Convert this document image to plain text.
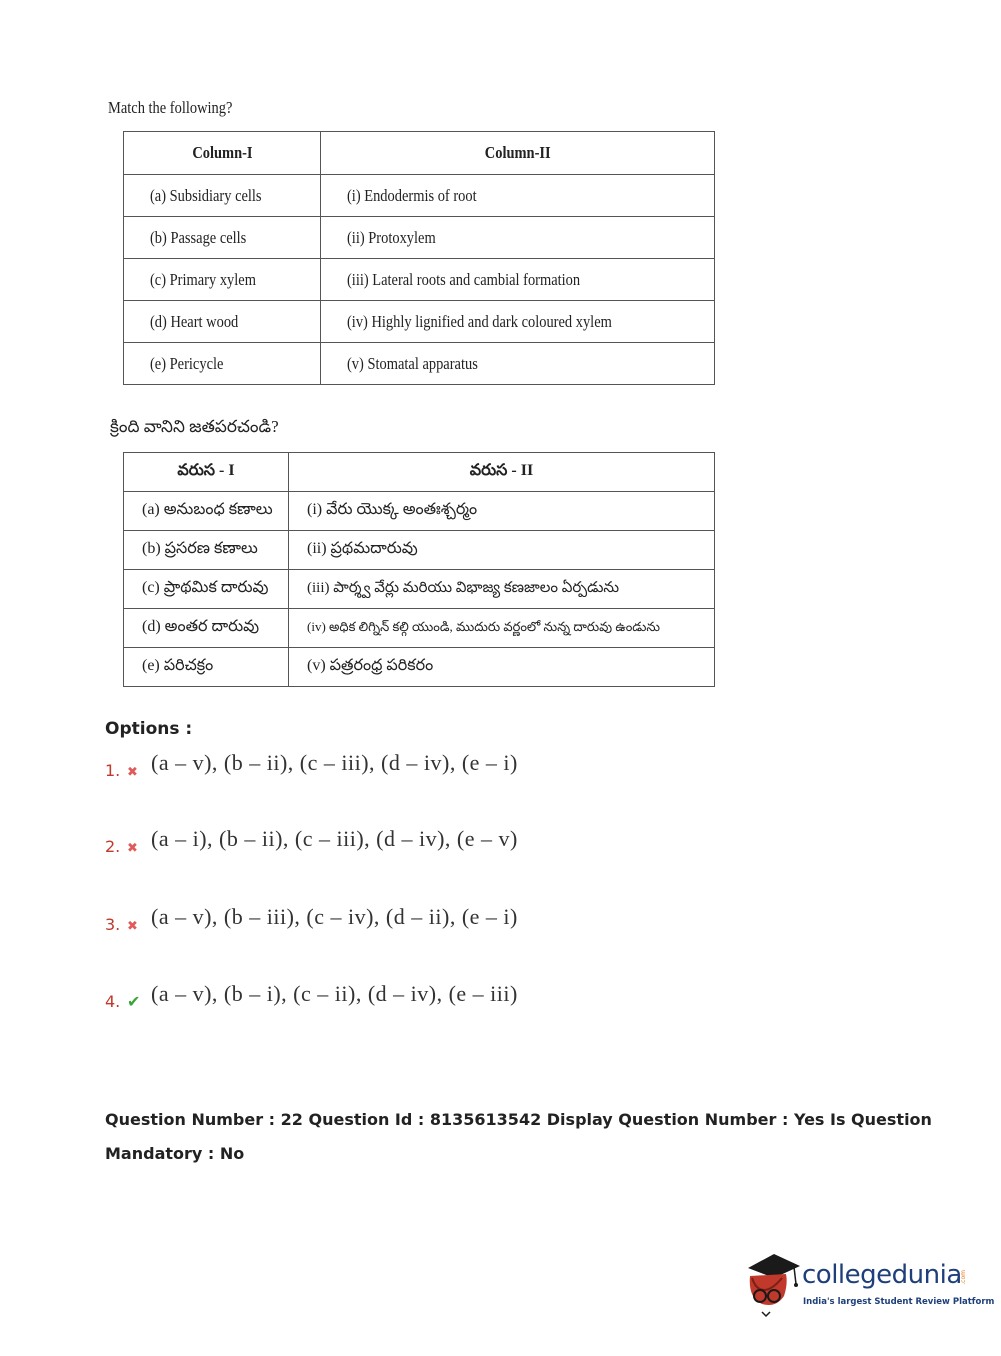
Match the following?
Column-I	Column-II
(a) Subsidiary cells	(i) Endodermis of root
(b) Passage cells	(ii) Protoxylem
(c) Primary xylem	(iii) Lateral roots and cambial formation
(d) Heart wood	(iv) Highly lignified and dark coloured xylem
(e) Pericycle	(v) Stomatal apparatus
క్రింది వానిని జతపరచండి?
వరుస - I	వరుస - II
(a) అనుబంధ కణాలు	(i) వేరు యొక్క అంతఃశ్చర్మం
(b) ప్రసరణ కణాలు	(ii) ప్రథమదారువు
(c) ప్రాథమిక దారువు	(iii) పార్శ్వ వేర్లు మరియు విభాజ్య కణజాలం ఏర్పడును
(d) అంతర దారువు	(iv) అధిక లిగ్నిన్ కల్గి యుండి, ముదురు వర్ణంలో నున్న దారువు ఉండును
(e) పరిచక్రం	(v) పత్రరంధ్ర పరికరం
Options :
1. ✖ (a – v), (b – ii), (c – iii), (d – iv), (e – i)
2. ✖ (a – i), (b – ii), (c – iii), (d – iv), (e – v)
3. ✖ (a – v), (b – iii), (c – iv), (d – ii), (e – i)
4. ✔ (a – v), (b – i), (c – ii), (d – iv), (e – iii)
Question Number : 22 Question Id : 8135613542 Display Question Number : Yes Is Question
Mandatory : No
collegedunia
.com
India's largest Student Review Platform
